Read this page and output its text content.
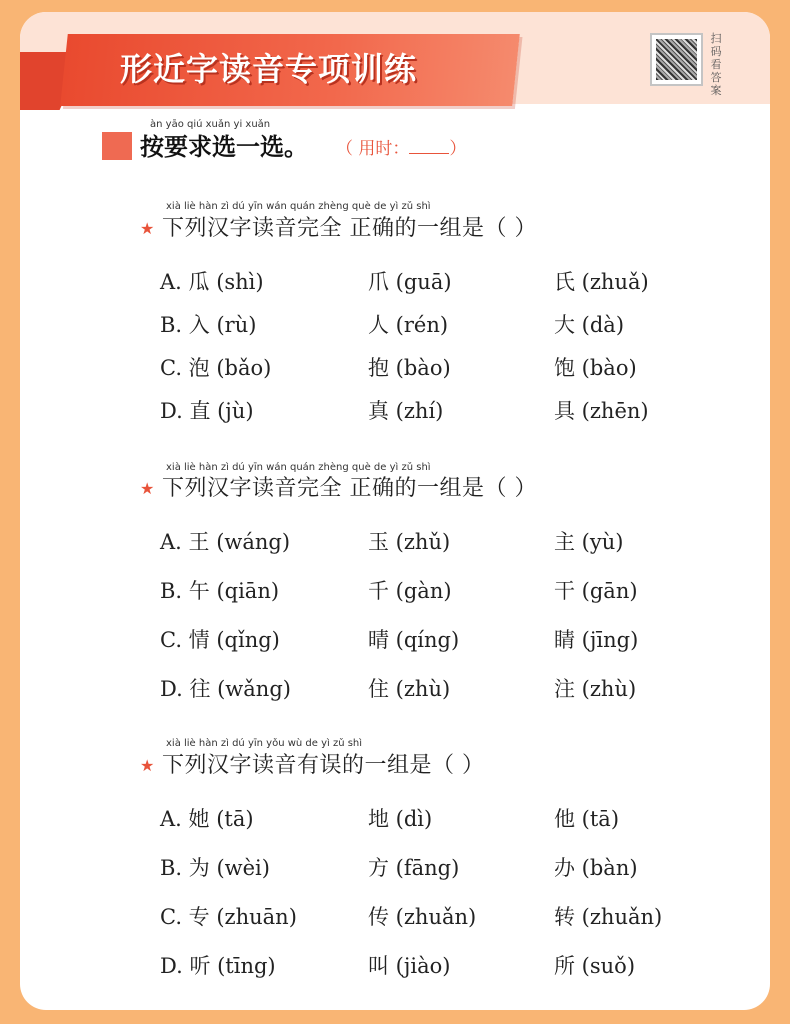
形近字读音专项训练
扫码看答案
àn yāo qiú xuǎn yi xuǎn
按要求选一选。 （ 用时： ）
xià liè hàn zì dú yīn wán quán zhèng què de yì zǔ shì
★ 下列汉字读音完全 正确的一组是（ ）
A. 瓜 (shì)	爪 (guā)	氏 (zhuǎ)
B. 入 (rù)	人 (rén)	大 (dà)
C. 泡 (bǎo)	抱 (bào)	饱 (bào)
D. 直 (jù)	真 (zhí)	具 (zhēn)
xià liè hàn zì dú yīn wán quán zhèng què de yì zǔ shì
★ 下列汉字读音完全 正确的一组是（ ）
A. 王 (wáng)	玉 (zhǔ)	主 (yù)
B. 午 (qiān)	千 (gàn)	干 (gān)
C. 情 (qǐng)	晴 (qíng)	睛 (jīng)
D. 往 (wǎng)	住 (zhù)	注 (zhù)
xià liè hàn zì dú yīn yǒu wù de yì zǔ shì
★ 下列汉字读音有误的一组是（ ）
A. 她 (tā)	地 (dì)	他 (tā)
B. 为 (wèi)	方 (fāng)	办 (bàn)
C. 专 (zhuān)	传 (zhuǎn)	转 (zhuǎn)
D. 听 (tīng)	叫 (jiào)	所 (suǒ)
